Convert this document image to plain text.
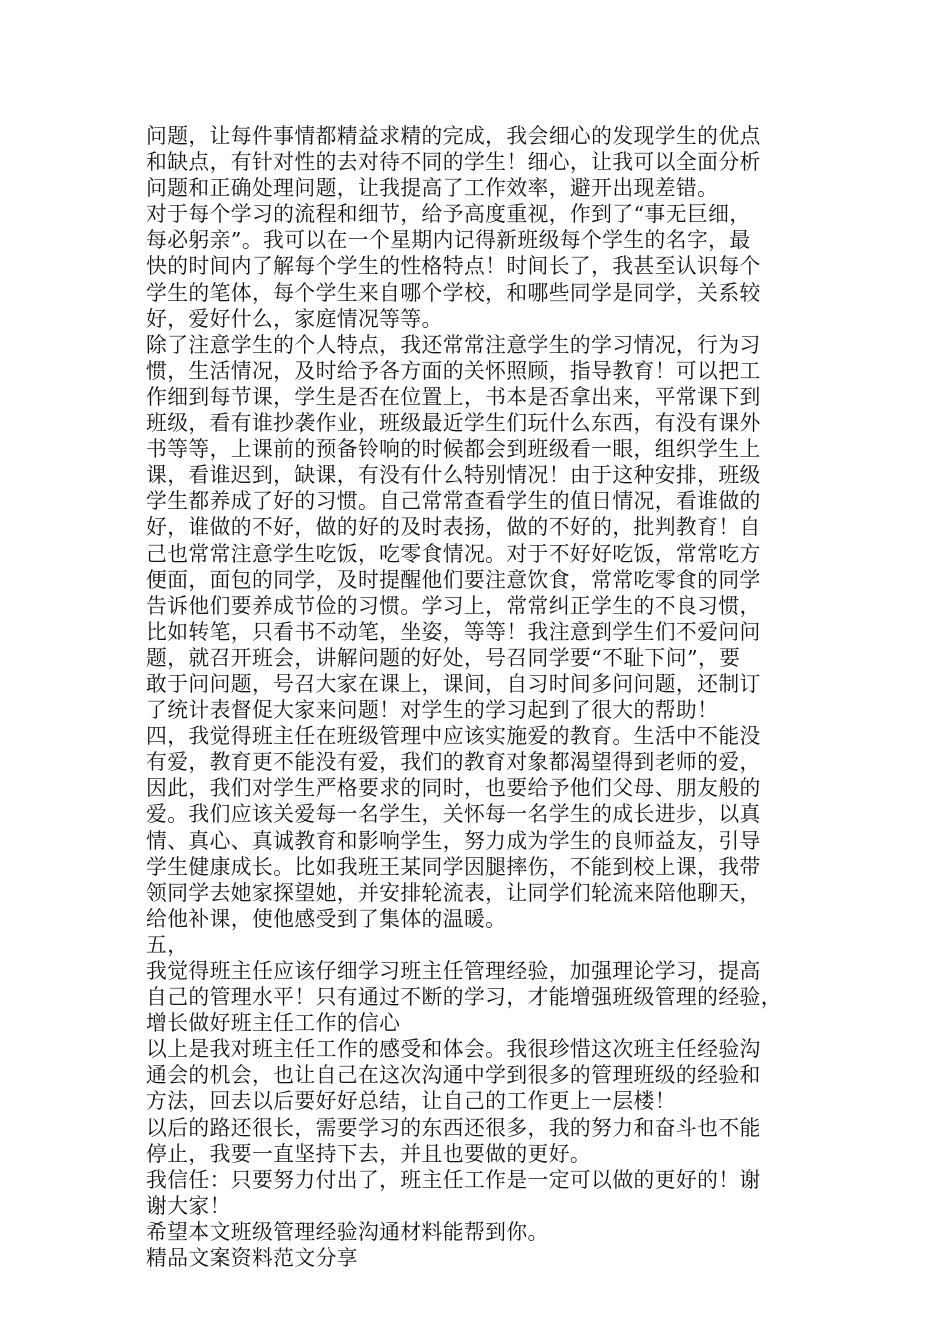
问题，让每件事情都精益求精的完成，我会细心的发现学生的优点
和缺点，有针对性的去对待不同的学生！细心，让我可以全面分析
问题和正确处理问题，让我提高了工作效率，避开出现差错。
对于每个学习的流程和细节，给予高度重视，作到了“事无巨细，
每必躬亲”。我可以在一个星期内记得新班级每个学生的名字，最
快的时间内了解每个学生的性格特点！时间长了，我甚至认识每个
学生的笔体，每个学生来自哪个学校，和哪些同学是同学，关系较
好，爱好什么，家庭情况等等。
除了注意学生的个人特点，我还常常注意学生的学习情况，行为习
惯，生活情况，及时给予各方面的关怀照顾，指导教育！可以把工
作细到每节课，学生是否在位置上，书本是否拿出来，平常课下到
班级，看有谁抄袭作业，班级最近学生们玩什么东西，有没有课外
书等等，上课前的预备铃响的时候都会到班级看一眼，组织学生上
课，看谁迟到，缺课，有没有什么特别情况！由于这种安排，班级
学生都养成了好的习惯。自己常常查看学生的值日情况，看谁做的
好，谁做的不好，做的好的及时表扬，做的不好的，批判教育！自
己也常常注意学生吃饭，吃零食情况。对于不好好吃饭，常常吃方
便面，面包的同学，及时提醒他们要注意饮食，常常吃零食的同学
告诉他们要养成节俭的习惯。学习上，常常纠正学生的不良习惯，
比如转笔，只看书不动笔，坐姿，等等！我注意到学生们不爱问问
题，就召开班会，讲解问题的好处，号召同学要“不耻下问”，要
敢于问问题，号召大家在课上，课间，自习时间多问问题，还制订
了统计表督促大家来问题！对学生的学习起到了很大的帮助！
四，我觉得班主任在班级管理中应该实施爱的教育。生活中不能没
有爱，教育更不能没有爱，我们的教育对象都渴望得到老师的爱，
因此，我们对学生严格要求的同时，也要给予他们父母、朋友般的
爱。我们应该关爱每一名学生，关怀每一名学生的成长进步，以真
情、真心、真诚教育和影响学生，努力成为学生的良师益友，引导
学生健康成长。比如我班王某同学因腿摔伤，不能到校上课，我带
领同学去她家探望她，并安排轮流表，让同学们轮流来陪他聊天，
给他补课，使他感受到了集体的温暖。
五，
我觉得班主任应该仔细学习班主任管理经验，加强理论学习，提高
自己的管理水平！只有通过不断的学习，才能增强班级管理的经验，
增长做好班主任工作的信心
以上是我对班主任工作的感受和体会。我很珍惜这次班主任经验沟
通会的机会，也让自己在这次沟通中学到很多的管理班级的经验和
方法，回去以后要好好总结，让自己的工作更上一层楼！
以后的路还很长，需要学习的东西还很多，我的努力和奋斗也不能
停止，我要一直坚持下去，并且也要做的更好。
我信任：只要努力付出了，班主任工作是一定可以做的更好的！谢
谢大家！
希望本文班级管理经验沟通材料能帮到你。
精品文案资料范文分享
